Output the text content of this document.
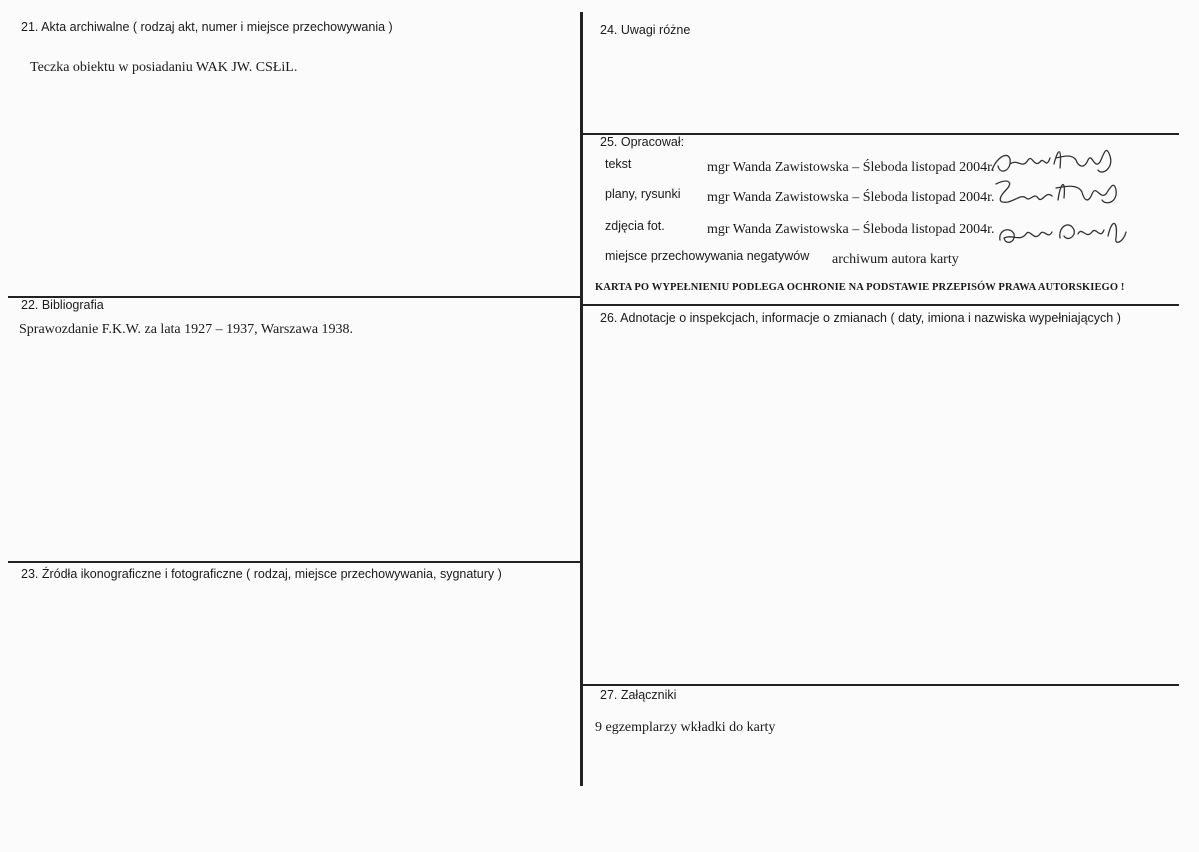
21. Akta archiwalne ( rodzaj akt, numer i miejsce przechowywania )
Teczka obiektu w posiadaniu WAK JW. CSŁiL.
22. Bibliografia
Sprawozdanie F.K.W. za lata 1927 – 1937, Warszawa 1938.
23. Źródła ikonograficzne i fotograficzne ( rodzaj, miejsce przechowywania, sygnatury )
24. Uwagi różne
25. Opracował:
tekst	mgr Wanda Zawistowska – Śleboda listopad 2004r.
plany, rysunki mgr Wanda Zawistowska – Śleboda listopad 2004r.
zdjęcia fot.	mgr Wanda Zawistowska – Śleboda listopad 2004r.
miejsce przechowywania negatywów archiwum autora karty
KARTA PO WYPEŁNIENIU PODLEGA OCHRONIE NA PODSTAWIE PRZEPISÓW PRAWA AUTORSKIEGO !
26. Adnotacje o inspekcjach, informacje o zmianach ( daty, imiona i nazwiska wypełniających )
27. Załączniki
9 egzemplarzy wkładki do karty
